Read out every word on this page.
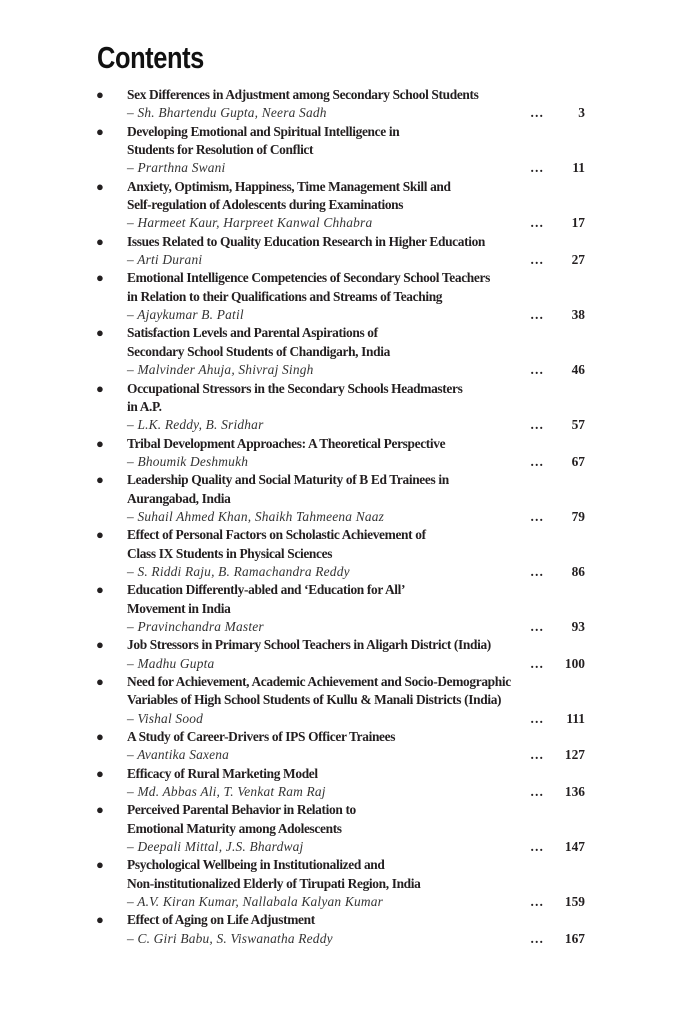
Contents
● Sex Differences in Adjustment among Secondary School Students
– Sh. Bhartendu Gupta, Neera Sadh	…	3
● Developing Emotional and Spiritual Intelligence in
Students for Resolution of Conflict
– Prarthna Swani	… 11
● Anxiety, Optimism, Happiness, Time Management Skill and
Self-regulation of Adolescents during Examinations
– Harmeet Kaur, Harpreet Kanwal Chhabra	… 17
● Issues Related to Quality Education Research in Higher Education
– Arti Durani	… 27
● Emotional Intelligence Competencies of Secondary School Teachers
in Relation to their Qualifications and Streams of Teaching
– Ajaykumar B. Patil	… 38
● Satisfaction Levels and Parental Aspirations of
Secondary School Students of Chandigarh, India
– Malvinder Ahuja, Shivraj Singh	… 46
● Occupational Stressors in the Secondary Schools Headmasters
in A.P.
– L.K. Reddy, B. Sridhar	… 57
● Tribal Development Approaches: A Theoretical Perspective
– Bhoumik Deshmukh	… 67
● Leadership Quality and Social Maturity of B Ed Trainees in
Aurangabad, India
– Suhail Ahmed Khan, Shaikh Tahmeena Naaz	… 79
● Effect of Personal Factors on Scholastic Achievement of
Class IX Students in Physical Sciences
– S. Riddi Raju, B. Ramachandra Reddy	… 86
● Education Differently-abled and ‘Education for All’
Movement in India
– Pravinchandra Master	… 93
● Job Stressors in Primary School Teachers in Aligarh District (India)
– Madhu Gupta	… 100
● Need for Achievement, Academic Achievement and Socio-Demographic
Variables of High School Students of Kullu & Manali Districts (India)
– Vishal Sood	… 111
● A Study of Career-Drivers of IPS Officer Trainees
– Avantika Saxena	… 127
● Efficacy of Rural Marketing Model
– Md. Abbas Ali, T. Venkat Ram Raj	… 136
● Perceived Parental Behavior in Relation to
Emotional Maturity among Adolescents
– Deepali Mittal, J.S. Bhardwaj	… 147
● Psychological Wellbeing in Institutionalized and
Non-institutionalized Elderly of Tirupati Region, India
– A.V. Kiran Kumar, Nallabala Kalyan Kumar	… 159
● Effect of Aging on Life Adjustment
– C. Giri Babu, S. Viswanatha Reddy	… 167
